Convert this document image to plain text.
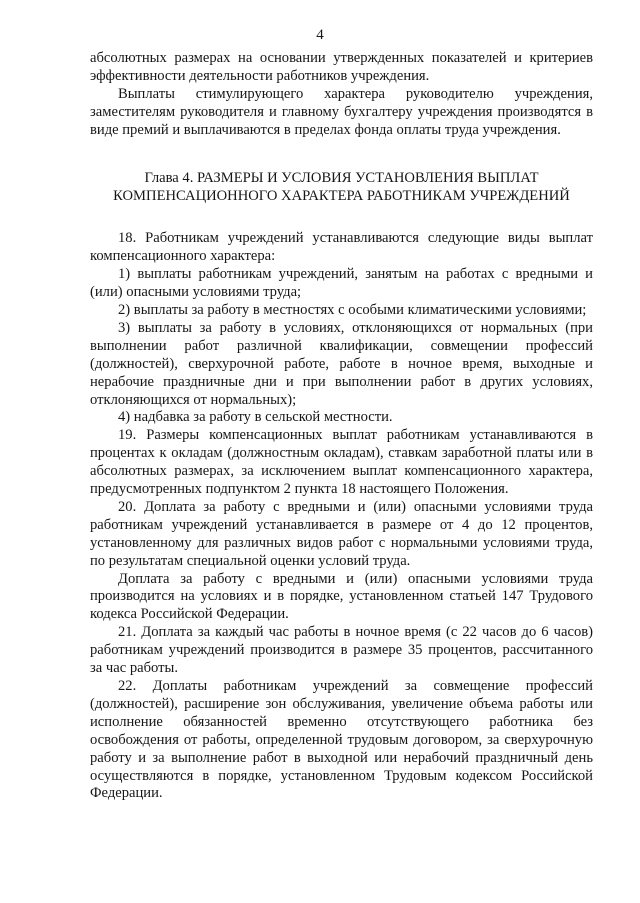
4

абсолютных размерах на основании утвержденных показателей и критериев эффективности деятельности работников учреждения.

Выплаты стимулирующего характера руководителю учреждения, заместителям руководителя и главному бухгалтеру учреждения производятся в виде премий и выплачиваются в пределах фонда оплаты труда учреждения.

Глава 4. РАЗМЕРЫ И УСЛОВИЯ УСТАНОВЛЕНИЯ ВЫПЛАТ
КОМПЕНСАЦИОННОГО ХАРАКТЕРА РАБОТНИКАМ УЧРЕЖДЕНИЙ

18. Работникам учреждений устанавливаются следующие виды выплат компенсационного характера:

1) выплаты работникам учреждений, занятым на работах с вредными и (или) опасными условиями труда;

2) выплаты за работу в местностях с особыми климатическими условиями;

3) выплаты за работу в условиях, отклоняющихся от нормальных (при выполнении работ различной квалификации, совмещении профессий (должностей), сверхурочной работе, работе в ночное время, выходные и нерабочие праздничные дни и при выполнении работ в других условиях, отклоняющихся от нормальных);

4) надбавка за работу в сельской местности.

19. Размеры компенсационных выплат работникам устанавливаются в процентах к окладам (должностным окладам), ставкам заработной платы или в абсолютных размерах, за исключением выплат компенсационного характера, предусмотренных подпунктом 2 пункта 18 настоящего Положения.

20. Доплата за работу с вредными и (или) опасными условиями труда работникам учреждений устанавливается в размере от 4 до 12 процентов, установленному для различных видов работ с нормальными условиями труда, по результатам специальной оценки условий труда.

Доплата за работу с вредными и (или) опасными условиями труда производится на условиях и в порядке, установленном статьей 147 Трудового кодекса Российской Федерации.

21. Доплата за каждый час работы в ночное время (с 22 часов до 6 часов) работникам учреждений производится в размере 35 процентов, рассчитанного за час работы.

22. Доплаты работникам учреждений за совмещение профессий (должностей), расширение зон обслуживания, увеличение объема работы или исполнение обязанностей временно отсутствующего работника без освобождения от работы, определенной трудовым договором, за сверхурочную работу и за выполнение работ в выходной или нерабочий праздничный день осуществляются в порядке, установленном Трудовым кодексом Российской Федерации.
